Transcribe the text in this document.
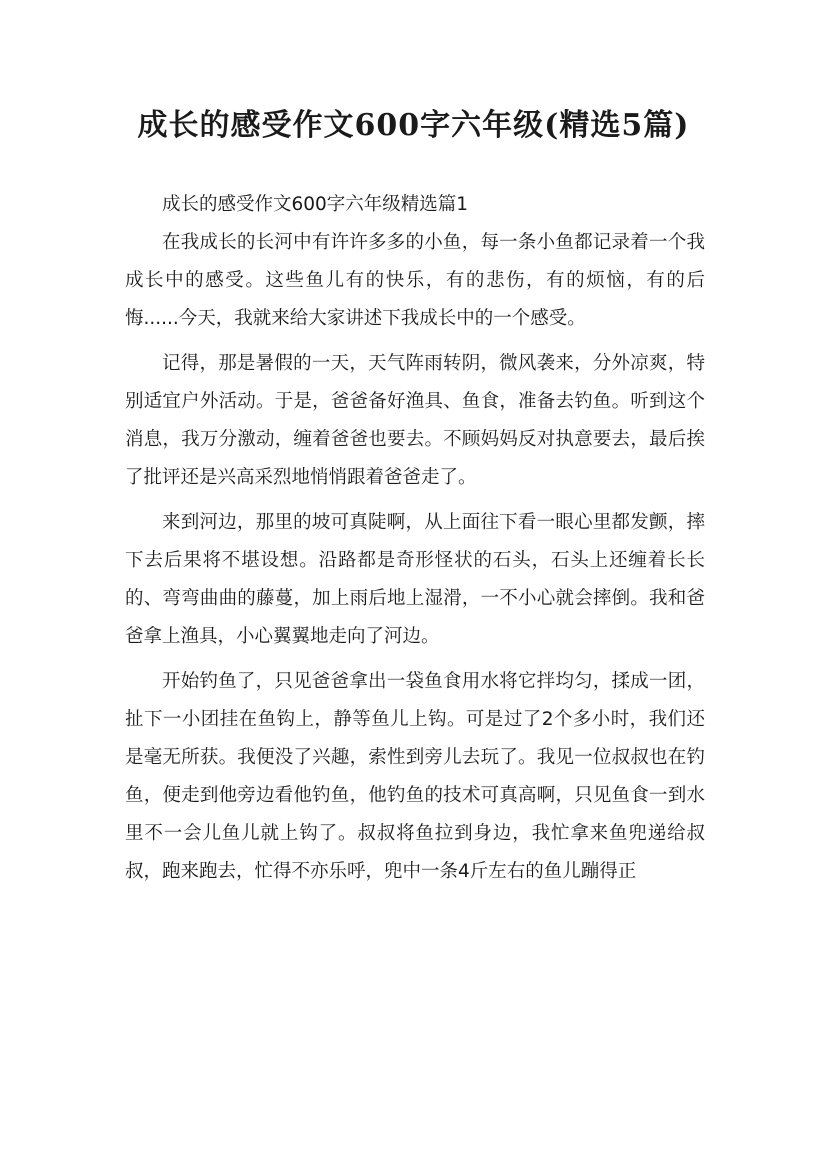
成长的感受作文600字六年级(精选5篇)

成长的感受作文600字六年级精选篇1

在我成长的长河中有许许多多的小鱼，每一条小鱼都记录着一个我成长中的感受。这些鱼儿有的快乐，有的悲伤，有的烦恼，有的后悔......今天，我就来给大家讲述下我成长中的一个感受。

记得，那是暑假的一天，天气阵雨转阴，微风袭来，分外凉爽，特别适宜户外活动。于是，爸爸备好渔具、鱼食，准备去钓鱼。听到这个消息，我万分激动，缠着爸爸也要去。不顾妈妈反对执意要去，最后挨了批评还是兴高采烈地悄悄跟着爸爸走了。

来到河边，那里的坡可真陡啊，从上面往下看一眼心里都发颤，摔下去后果将不堪设想。沿路都是奇形怪状的石头，石头上还缠着长长的、弯弯曲曲的藤蔓，加上雨后地上湿滑，一不小心就会摔倒。我和爸爸拿上渔具，小心翼翼地走向了河边。

开始钓鱼了，只见爸爸拿出一袋鱼食用水将它拌均匀，揉成一团，扯下一小团挂在鱼钩上，静等鱼儿上钩。可是过了2个多小时，我们还是毫无所获。我便没了兴趣，索性到旁儿去玩了。我见一位叔叔也在钓鱼，便走到他旁边看他钓鱼，他钓鱼的技术可真高啊，只见鱼食一到水里不一会儿鱼儿就上钩了。叔叔将鱼拉到身边，我忙拿来鱼兜递给叔叔，跑来跑去，忙得不亦乐呼，兜中一条4斤左右的鱼儿蹦得正
